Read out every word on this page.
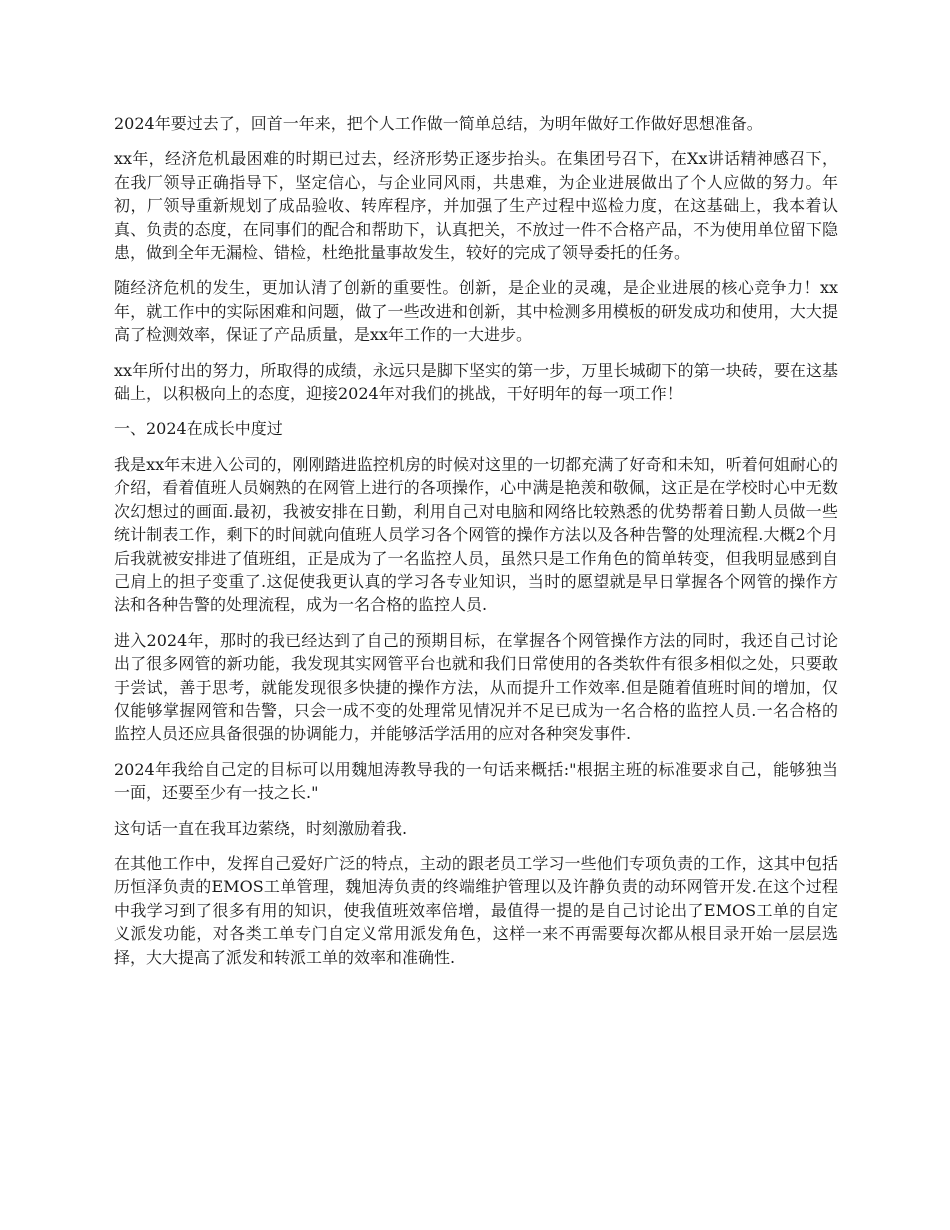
2024年要过去了，回首一年来，把个人工作做一简单总结，为明年做好工作做好思想准备。

xx年，经济危机最困难的时期已过去，经济形势正逐步抬头。在集团号召下，在Xx讲话精神感召下，在我厂领导正确指导下，坚定信心，与企业同风雨，共患难，为企业进展做出了个人应做的努力。年初，厂领导重新规划了成品验收、转库程序，并加强了生产过程中巡检力度，在这基础上，我本着认真、负责的态度，在同事们的配合和帮助下，认真把关，不放过一件不合格产品，不为使用单位留下隐患，做到全年无漏检、错检，杜绝批量事故发生，较好的完成了领导委托的任务。

随经济危机的发生，更加认清了创新的重要性。创新，是企业的灵魂，是企业进展的核心竞争力！xx年，就工作中的实际困难和问题，做了一些改进和创新，其中检测多用模板的研发成功和使用，大大提高了检测效率，保证了产品质量，是xx年工作的一大进步。

xx年所付出的努力，所取得的成绩，永远只是脚下坚实的第一步，万里长城砌下的第一块砖，要在这基础上，以积极向上的态度，迎接2024年对我们的挑战，干好明年的每一项工作！

一、2024在成长中度过

我是xx年末进入公司的，刚刚踏进监控机房的时候对这里的一切都充满了好奇和未知，听着何姐耐心的介绍，看着值班人员娴熟的在网管上进行的各项操作，心中满是艳羡和敬佩，这正是在学校时心中无数次幻想过的画面.最初，我被安排在日勤，利用自己对电脑和网络比较熟悉的优势帮着日勤人员做一些统计制表工作，剩下的时间就向值班人员学习各个网管的操作方法以及各种告警的处理流程.大概2个月后我就被安排进了值班组，正是成为了一名监控人员，虽然只是工作角色的简单转变，但我明显感到自己肩上的担子变重了.这促使我更认真的学习各专业知识，当时的愿望就是早日掌握各个网管的操作方法和各种告警的处理流程，成为一名合格的监控人员.

进入2024年，那时的我已经达到了自己的预期目标，在掌握各个网管操作方法的同时，我还自己讨论出了很多网管的新功能，我发现其实网管平台也就和我们日常使用的各类软件有很多相似之处，只要敢于尝试，善于思考，就能发现很多快捷的操作方法，从而提升工作效率.但是随着值班时间的增加，仅仅能够掌握网管和告警，只会一成不变的处理常见情况并不足已成为一名合格的监控人员.一名合格的监控人员还应具备很强的协调能力，并能够活学活用的应对各种突发事件.

2024年我给自己定的目标可以用魏旭涛教导我的一句话来概括:"根据主班的标准要求自己，能够独当一面，还要至少有一技之长."

这句话一直在我耳边萦绕，时刻激励着我.

在其他工作中，发挥自己爱好广泛的特点，主动的跟老员工学习一些他们专项负责的工作，这其中包括历恒泽负责的EMOS工单管理，魏旭涛负责的终端维护管理以及许静负责的动环网管开发.在这个过程中我学习到了很多有用的知识，使我值班效率倍增，最值得一提的是自己讨论出了EMOS工单的自定义派发功能，对各类工单专门自定义常用派发角色，这样一来不再需要每次都从根目录开始一层层选择，大大提高了派发和转派工单的效率和准确性.
